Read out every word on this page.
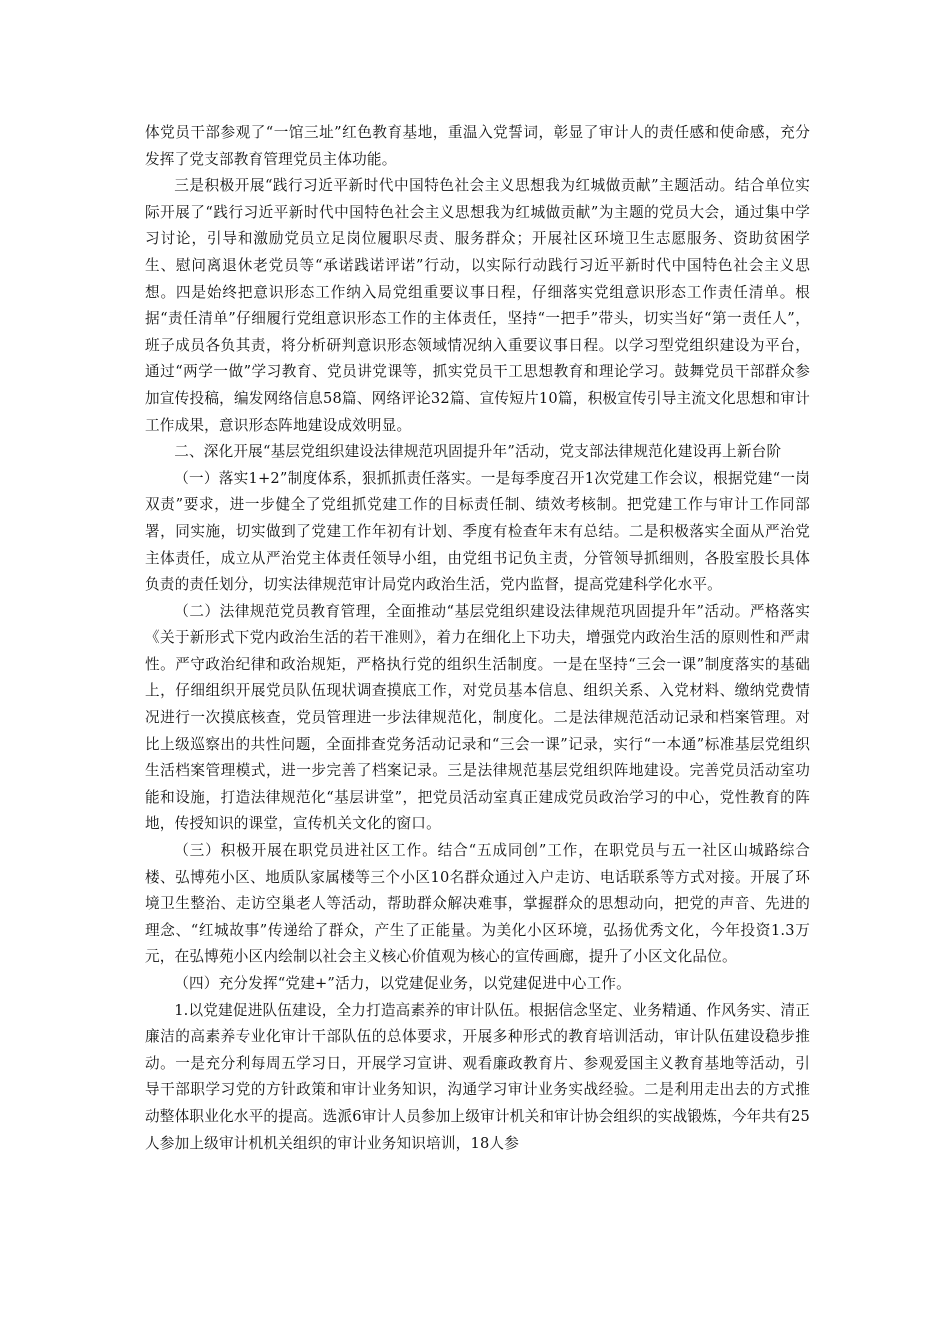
体党员干部参观了“一馆三址”红色教育基地，重温入党誓词，彰显了审计人的责任感和使命感，充分发挥了党支部教育管理党员主体功能。

三是积极开展“践行习近平新时代中国特色社会主义思想我为红城做贡献”主题活动。结合单位实际开展了“践行习近平新时代中国特色社会主义思想我为红城做贡献”为主题的党员大会，通过集中学习讨论，引导和激励党员立足岗位履职尽责、服务群众；开展社区环境卫生志愿服务、资助贫困学生、慰问离退休老党员等“承诺践诺评诺”行动，以实际行动践行习近平新时代中国特色社会主义思想。四是始终把意识形态工作纳入局党组重要议事日程，仔细落实党组意识形态工作责任清单。根据“责任清单”仔细履行党组意识形态工作的主体责任，坚持“一把手”带头，切实当好“第一责任人”，班子成员各负其责，将分析研判意识形态领域情况纳入重要议事日程。以学习型党组织建设为平台，通过“两学一做”学习教育、党员讲党课等，抓实党员干工思想教育和理论学习。鼓舞党员干部群众参加宣传投稿，编发网络信息58篇、网络评论32篇、宣传短片10篇，积极宣传引导主流文化思想和审计工作成果，意识形态阵地建设成效明显。

二、深化开展“基层党组织建设法律规范巩固提升年”活动，党支部法律规范化建设再上新台阶

（一）落实1+2”制度体系，狠抓抓责任落实。一是每季度召开1次党建工作会议，根据党建“一岗双责”要求，进一步健全了党组抓党建工作的目标责任制、绩效考核制。把党建工作与审计工作同部署，同实施，切实做到了党建工作年初有计划、季度有检查年末有总结。二是积极落实全面从严治党主体责任，成立从严治党主体责任领导小组，由党组书记负主责，分管领导抓细则，各股室股长具体负责的责任划分，切实法律规范审计局党内政治生活，党内监督，提高党建科学化水平。

（二）法律规范党员教育管理，全面推动“基层党组织建设法律规范巩固提升年”活动。严格落实《关于新形式下党内政治生活的若干准则》，着力在细化上下功夫，增强党内政治生活的原则性和严肃性。严守政治纪律和政治规矩，严格执行党的组织生活制度。一是在坚持“三会一课”制度落实的基础上，仔细组织开展党员队伍现状调查摸底工作，对党员基本信息、组织关系、入党材料、缴纳党费情况进行一次摸底核查，党员管理进一步法律规范化，制度化。二是法律规范活动记录和档案管理。对比上级巡察出的共性问题，全面排查党务活动记录和“三会一课”记录，实行“一本通”标准基层党组织生活档案管理模式，进一步完善了档案记录。三是法律规范基层党组织阵地建设。完善党员活动室功能和设施，打造法律规范化“基层讲堂”，把党员活动室真正建成党员政治学习的中心，党性教育的阵地，传授知识的课堂，宣传机关文化的窗口。

（三）积极开展在职党员进社区工作。结合“五成同创”工作，在职党员与五一社区山城路综合楼、弘博苑小区、地质队家属楼等三个小区10名群众通过入户走访、电话联系等方式对接。开展了环境卫生整治、走访空巢老人等活动，帮助群众解决难事，掌握群众的思想动向，把党的声音、先进的理念、“红城故事”传递给了群众，产生了正能量。为美化小区环境，弘扬优秀文化，今年投资1.3万元，在弘博苑小区内绘制以社会主义核心价值观为核心的宣传画廊，提升了小区文化品位。

（四）充分发挥“党建+”活力，以党建促业务，以党建促进中心工作。

1.以党建促进队伍建设，全力打造高素养的审计队伍。根据信念坚定、业务精通、作风务实、清正廉洁的高素养专业化审计干部队伍的总体要求，开展多种形式的教育培训活动，审计队伍建设稳步推动。一是充分利每周五学习日，开展学习宣讲、观看廉政教育片、参观爱国主义教育基地等活动，引导干部职学习党的方针政策和审计业务知识，沟通学习审计业务实战经验。二是利用走出去的方式推动整体职业化水平的提高。选派6审计人员参加上级审计机关和审计协会组织的实战锻炼，今年共有25人参加上级审计机机关组织的审计业务知识培训，18人参
